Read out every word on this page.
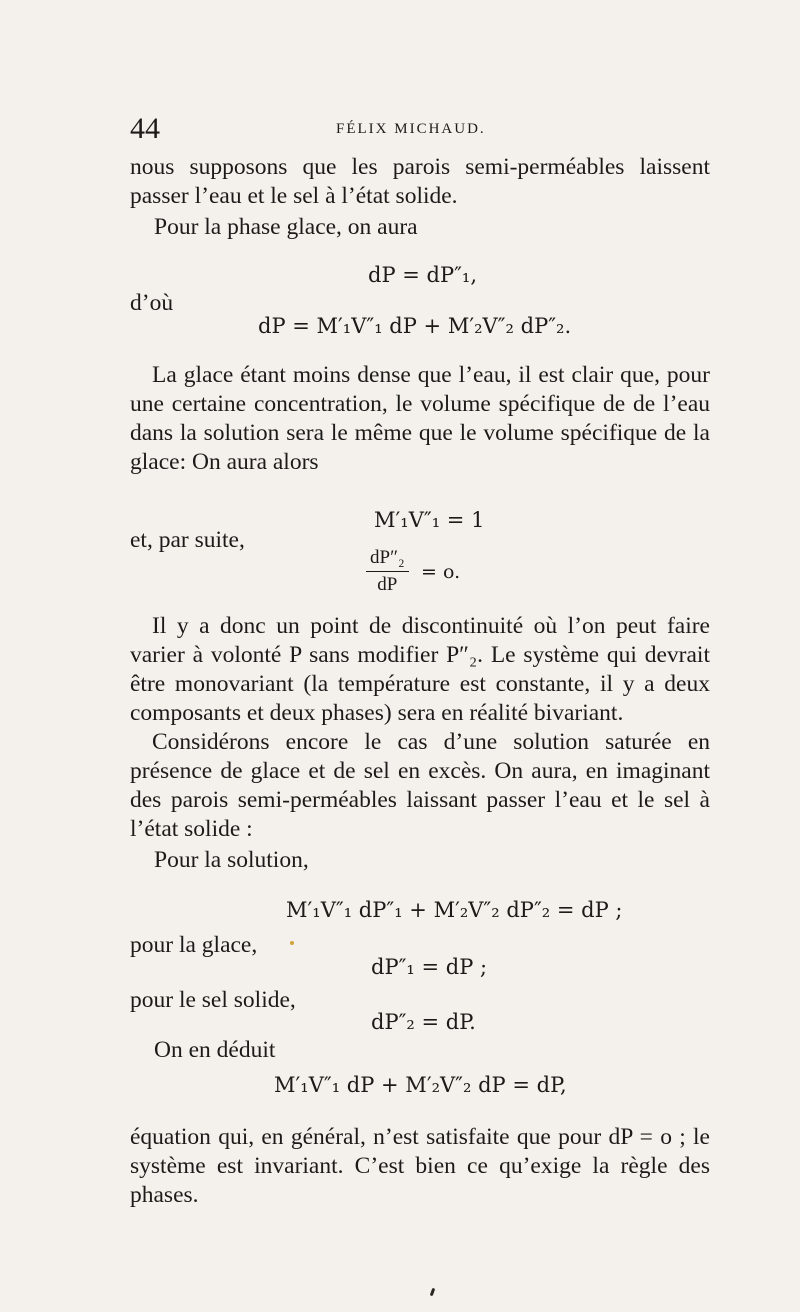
44	FÉLIX MICHAUD.
nous supposons que les parois semi-perméables laissent passer l’eau et le sel à l’état solide.
Pour la phase glace, on aura
dP = dP″₁,
d’où
dP = M′₁V″₁ dP + M′₂V″₂ dP″₂.
La glace étant moins dense que l’eau, il est clair que, pour une certaine concentration, le volume spécifique de de l’eau dans la solution sera le même que le volume spécifique de la glace: On aura alors
M′₁V″₁ = 1
et, par suite,
dP″₂
dP
= o.
Il y a donc un point de discontinuité où l’on peut faire varier à volonté P sans modifier P″₂. Le système qui devrait être monovariant (la température est constante, il y a deux composants et deux phases) sera en réalité bivariant.
Considérons encore le cas d’une solution saturée en présence de glace et de sel en excès. On aura, en imaginant des parois semi-perméables laissant passer l’eau et le sel à l’état solide :
Pour la solution,
M′₁V″₁ dP″₁ + M′₂V″₂ dP″₂ = dP ;
pour la glace,
dP″₁ = dP ;
pour le sel solide,
dP″₂ = dP.
On en déduit
M′₁V″₁ dP + M′₂V″₂ dP = dP,
équation qui, en général, n’est satisfaite que pour dP = o ; le système est invariant. C’est bien ce qu’exige la règle des phases.
